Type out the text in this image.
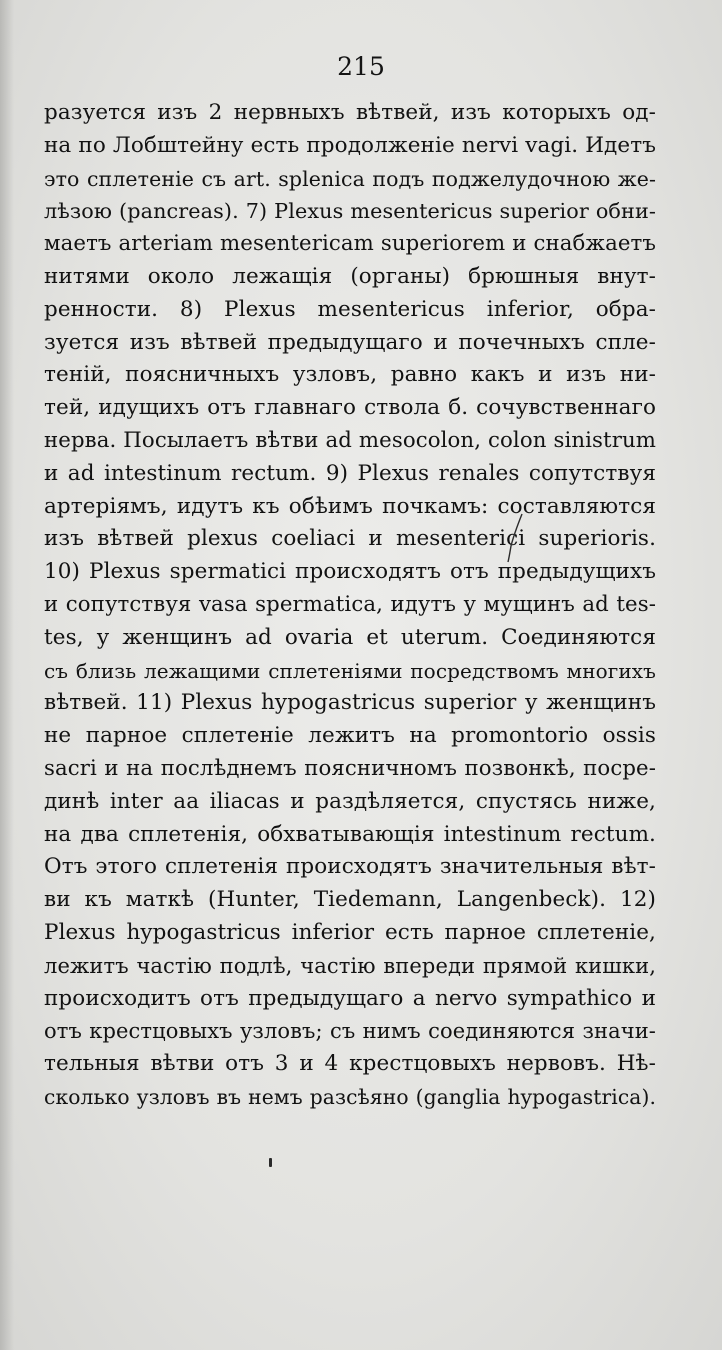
215
разуется изъ 2 нервныхъ вѣтвей, изъ которыхъ од-
на по Лобштейну есть продолженіе nervi vagi. Идетъ
это сплетеніе съ art. splenica подъ поджелудочною же-
лѣзою (pancreas). 7) Plexus mesentericus superior обни-
маетъ arteriam mesentericam superiorem и снабжаетъ
нитями около лежащія (органы) брюшныя внут-
ренности. 8) Plexus mesentericus inferior, обра-
зуется изъ вѣтвей предыдущаго и почечныхъ спле-
теній, поясничныхъ узловъ, равно какъ и изъ ни-
тей, идущихъ отъ главнаго ствола б. сочувственнаго
нерва. Посылаетъ вѣтви ad mesocolon, colon sinistrum
и ad intestinum rectum. 9) Plexus renales сопутствуя
артеріямъ, идутъ къ обѣимъ почкамъ: составляются
изъ вѣтвей plexus coeliaci и mesenterici superioris.
10) Plexus spermatici происходятъ отъ предыдущихъ
и сопутствуя vasa spermatica, идутъ у мущинъ ad tes-
tes, у женщинъ ad ovaria et uterum. Соединяются
съ близь лежащими сплетеніями посредствомъ многихъ
вѣтвей. 11) Plexus hypogastricus superior у женщинъ
не парное сплетеніе лежитъ на promontorio ossis
sacri и на послѣднемъ поясничномъ позвонкѣ, посре-
динѣ inter aa iliacas и раздѣляется, спустясь ниже,
на два сплетенія, обхватывающія intestinum rectum.
Отъ этого сплетенія происходятъ значительныя вѣт-
ви къ маткѣ (Hunter, Tiedemann, Langenbeck). 12)
Plexus hypogastricus inferior есть парное сплетеніе,
лежитъ частію подлѣ, частію впереди прямой кишки,
происходитъ отъ предыдущаго a nervo sympathico и
отъ крестцовыхъ узловъ; съ нимъ соединяются значи-
тельныя вѣтви отъ 3 и 4 крестцовыхъ нервовъ. Нѣ-
сколько узловъ въ немъ разсѣяно (gangliа hypogastrica).
